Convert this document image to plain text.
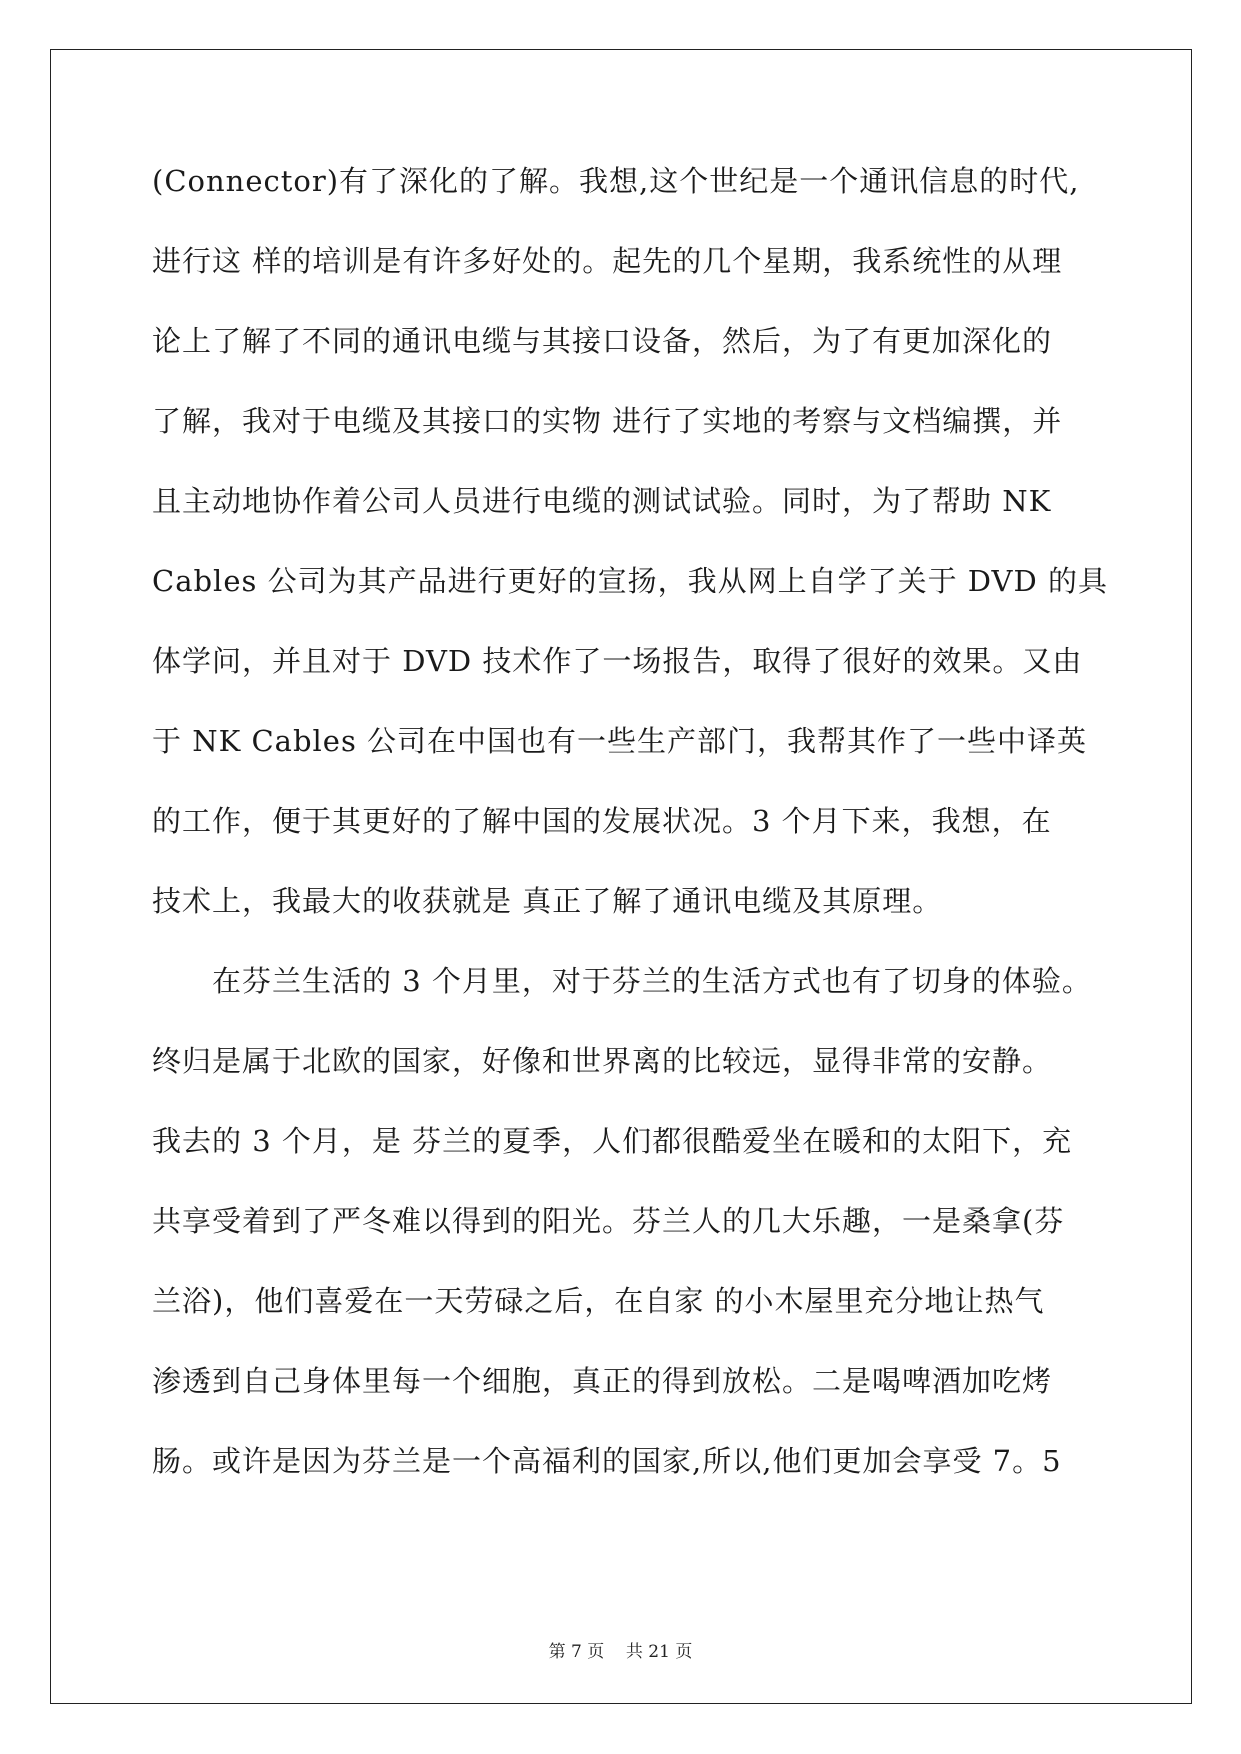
(Connector)有了深化的了解。我想,这个世纪是一个通讯信息的时代,
进行这 样的培训是有许多好处的。起先的几个星期，我系统性的从理
论上了解了不同的通讯电缆与其接口设备，然后，为了有更加深化的
了解，我对于电缆及其接口的实物 进行了实地的考察与文档编撰，并
且主动地协作着公司人员进行电缆的测试试验。同时，为了帮助 NK
Cables 公司为其产品进行更好的宣扬，我从网上自学了关于 DVD 的具
体学问，并且对于 DVD 技术作了一场报告，取得了很好的效果。又由
于 NK Cables 公司在中国也有一些生产部门，我帮其作了一些中译英
的工作，便于其更好的了解中国的发展状况。3 个月下来，我想，在
技术上，我最大的收获就是 真正了解了通讯电缆及其原理。
在芬兰生活的 3 个月里，对于芬兰的生活方式也有了切身的体验。
终归是属于北欧的国家，好像和世界离的比较远，显得非常的安静。
我去的 3 个月，是 芬兰的夏季，人们都很酷爱坐在暖和的太阳下，充
共享受着到了严冬难以得到的阳光。芬兰人的几大乐趣，一是桑拿(芬
兰浴)，他们喜爱在一天劳碌之后，在自家 的小木屋里充分地让热气
渗透到自己身体里每一个细胞，真正的得到放松。二是喝啤酒加吃烤
肠。或许是因为芬兰是一个高福利的国家,所以,他们更加会享受 7。5
第 7 页    共 21 页
